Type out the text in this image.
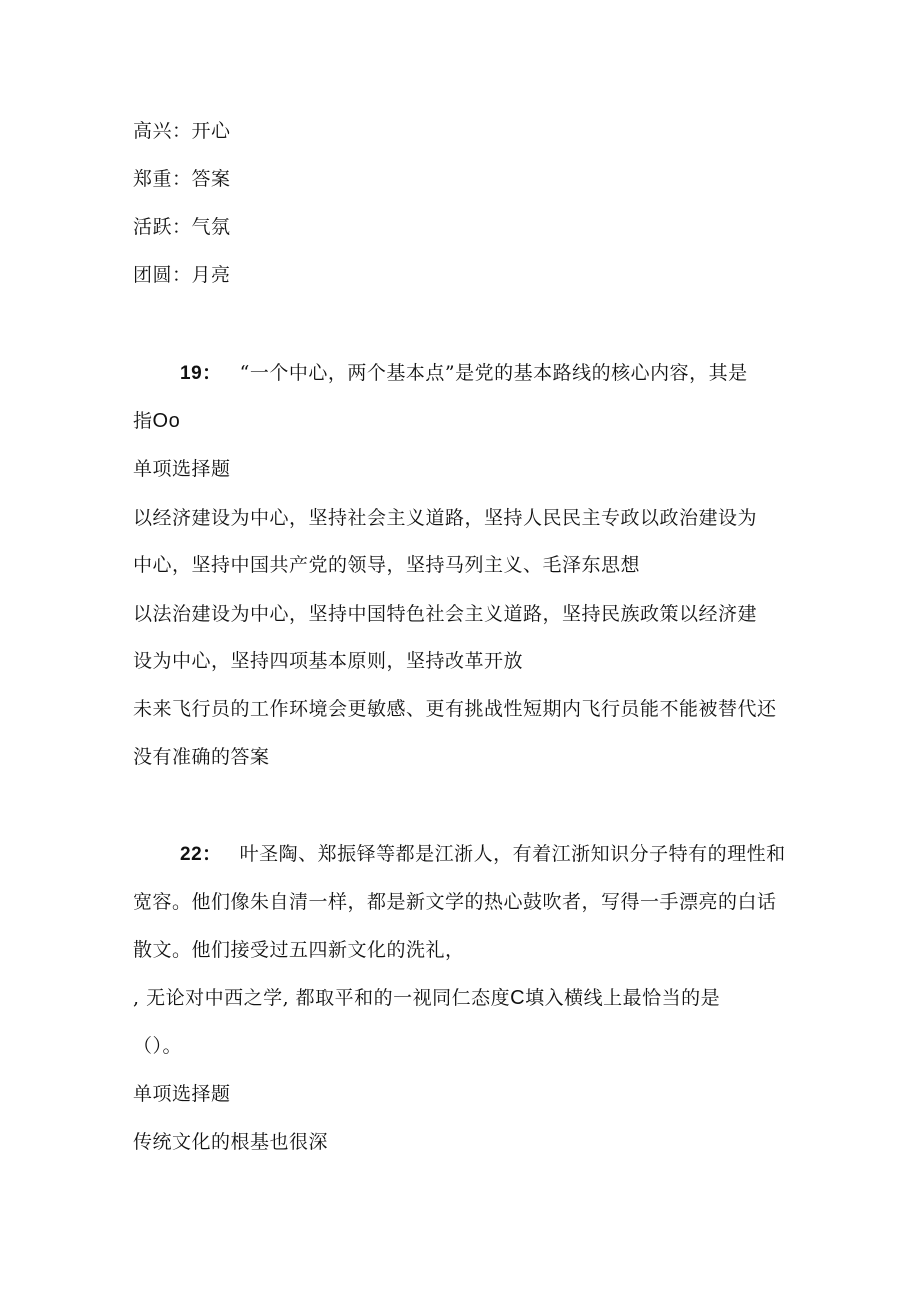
高兴：开心
郑重：答案
活跃：气氛
团圆：月亮
19： “一个中心，两个基本点”是党的基本路线的核心内容，其是
指Oo
单项选择题
以经济建设为中心，坚持社会主义道路，坚持人民民主专政以政治建设为
中心，坚持中国共产党的领导，坚持马列主义、毛泽东思想
以法治建设为中心，坚持中国特色社会主义道路，坚持民族政策以经济建
设为中心，坚持四项基本原则，坚持改革开放
未来飞行员的工作环境会更敏感、更有挑战性短期内飞行员能不能被替代还
没有准确的答案
22： 叶圣陶、郑振铎等都是江浙人，有着江浙知识分子特有的理性和
宽容。他们像朱自清一样，都是新文学的热心鼓吹者，写得一手漂亮的白话
散文。他们接受过五四新文化的洗礼，
, 无论对中西之学, 都取平和的一视同仁态度C填入横线上最恰当的是
（）。
单项选择题
传统文化的根基也很深
